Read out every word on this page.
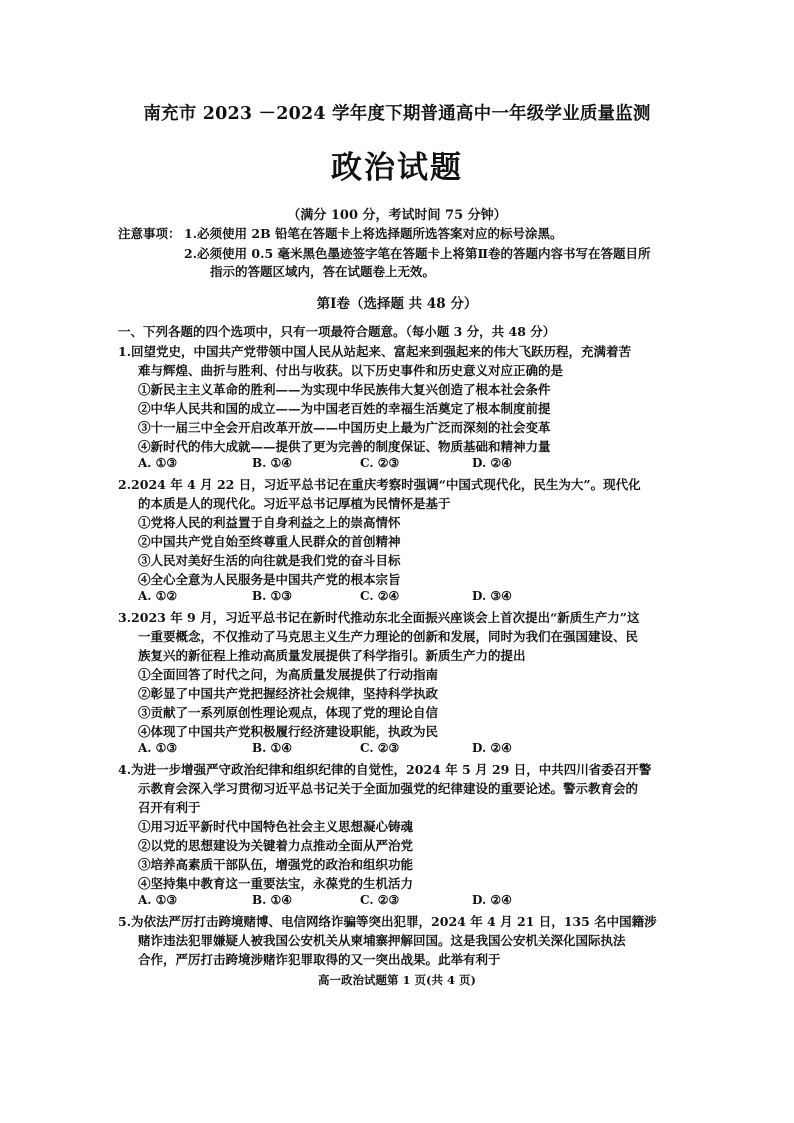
南充市 2023 －2024 学年度下期普通高中一年级学业质量监测
政治试题
（满分 100 分，考试时间 75 分钟）
注意事项： 1.必须使用 2B 铅笔在答题卡上将选择题所选答案对应的标号涂黑。
2.必须使用 0.5 毫米黑色墨迹签字笔在答题卡上将第Ⅱ卷的答题内容书写在答题目所
指示的答题区域内，答在试题卷上无效。
第Ⅰ卷（选择题 共 48 分）
一、下列各题的四个选项中，只有一项最符合题意。（每小题 3 分，共 48 分）
1.回望党史，中国共产党带领中国人民从站起来、富起来到强起来的伟大飞跃历程，充满着苦
难与辉煌、曲折与胜利、付出与收获。以下历史事件和历史意义对应正确的是
①新民主主义革命的胜利——为实现中华民族伟大复兴创造了根本社会条件
②中华人民共和国的成立——为中国老百姓的幸福生活奠定了根本制度前提
③十一届三中全会开启改革开放——中国历史上最为广泛而深刻的社会变革
④新时代的伟大成就——提供了更为完善的制度保证、物质基础和精神力量
A. ①③	B. ①④	C. ②③	D. ②④
2.2024 年 4 月 22 日，习近平总书记在重庆考察时强调“中国式现代化，民生为大”。现代化
的本质是人的现代化。习近平总书记厚植为民情怀是基于
①党将人民的利益置于自身利益之上的崇高情怀
②中国共产党自始至终尊重人民群众的首创精神
③人民对美好生活的向往就是我们党的奋斗目标
④全心全意为人民服务是中国共产党的根本宗旨
A. ①②	B. ①③	C. ②④	D. ③④
3.2023 年 9 月，习近平总书记在新时代推动东北全面振兴座谈会上首次提出“新质生产力”这
一重要概念，不仅推动了马克思主义生产力理论的创新和发展，同时为我们在强国建设、民
族复兴的新征程上推动高质量发展提供了科学指引。新质生产力的提出
①全面回答了时代之问，为高质量发展提供了行动指南
②彰显了中国共产党把握经济社会规律，坚持科学执政
③贡献了一系列原创性理论观点，体现了党的理论自信
④体现了中国共产党积极履行经济建设职能，执政为民
A. ①③	B. ①④	C. ②③	D. ②④
4.为进一步增强严守政治纪律和组织纪律的自觉性，2024 年 5 月 29 日，中共四川省委召开警
示教育会深入学习贯彻习近平总书记关于全面加强党的纪律建设的重要论述。警示教育会的
召开有利于
①用习近平新时代中国特色社会主义思想凝心铸魂
②以党的思想建设为关键着力点推动全面从严治党
③培养高素质干部队伍，增强党的政治和组织功能
④坚持集中教育这一重要法宝，永葆党的生机活力
A. ①③	B. ①④	C. ②③	D. ②④
5.为依法严厉打击跨境赌博、电信网络诈骗等突出犯罪，2024 年 4 月 21 日，135 名中国籍涉
赌诈违法犯罪嫌疑人被我国公安机关从柬埔寨押解回国。这是我国公安机关深化国际执法
合作，严厉打击跨境涉赌诈犯罪取得的又一突出战果。此举有利于
高一政治试题第 1 页(共 4 页)
